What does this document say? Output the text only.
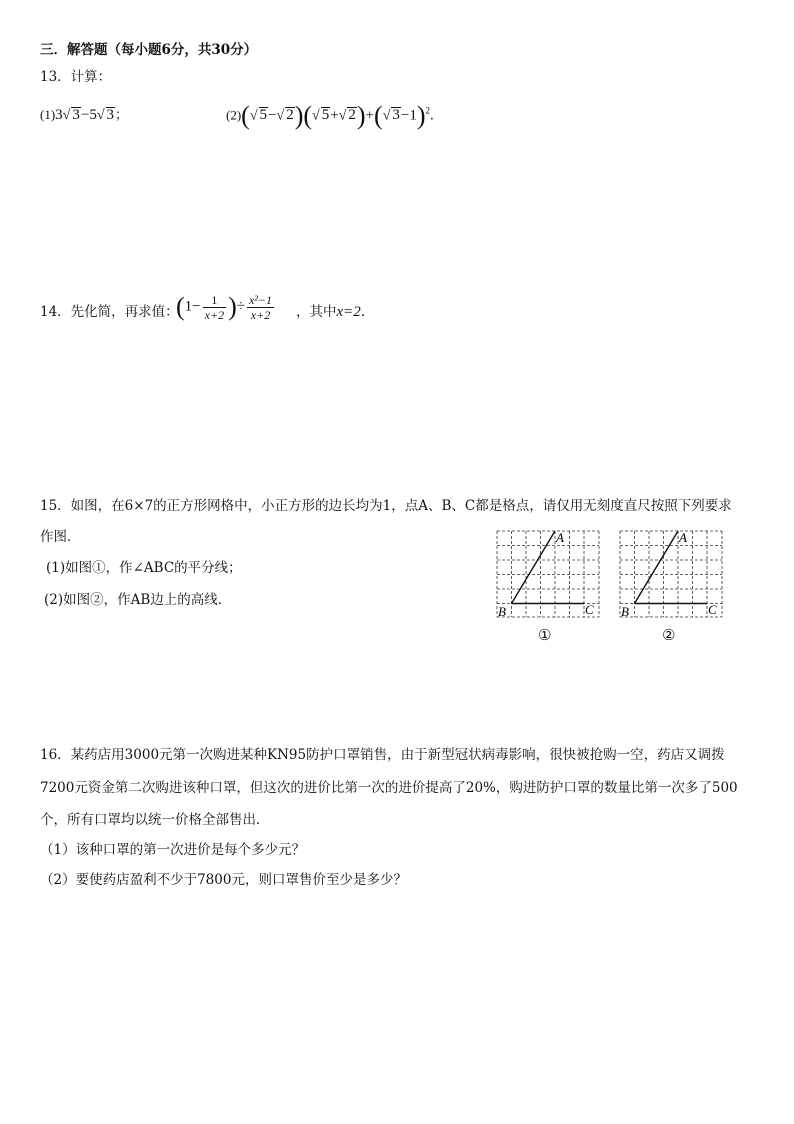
三．解答题（每小题6分，共30分）
13．计算：
(1)3√ 3−5√ 3；	(2)(√ 5−√ 2)(√ 5+√ 2)+(√ 3−1)$^2$.
14．先化简，再求值：
($1- \frac{1}{x+2}$ )÷ $\frac{\text{x²−1}}{x+2}$ ，其中x=2.
15．如图，在6×7的正方形网格中，小正方形的边长均为1，点A、B、C都是格点，请仅用无刻度直尺按照下列要求
作图．
(1)如图①，作∠ABC的平分线；
(2)如图②，作AB边上的高线．
A
B	C
①
A
B	C
②
16．某药店用3000元第一次购进某种KN95防护口罩销售，由于新型冠状病毒影响，很快被抢购一空，药店又调拨
7200元资金第二次购进该种口罩，但这次的进价比第一次的进价提高了20%，购进防护口罩的数量比第一次多了500
个，所有口罩均以统一价格全部售出．
（1）该种口罩的第一次进价是每个多少元？
（2）要使药店盈利不少于7800元，则口罩售价至少是多少？
